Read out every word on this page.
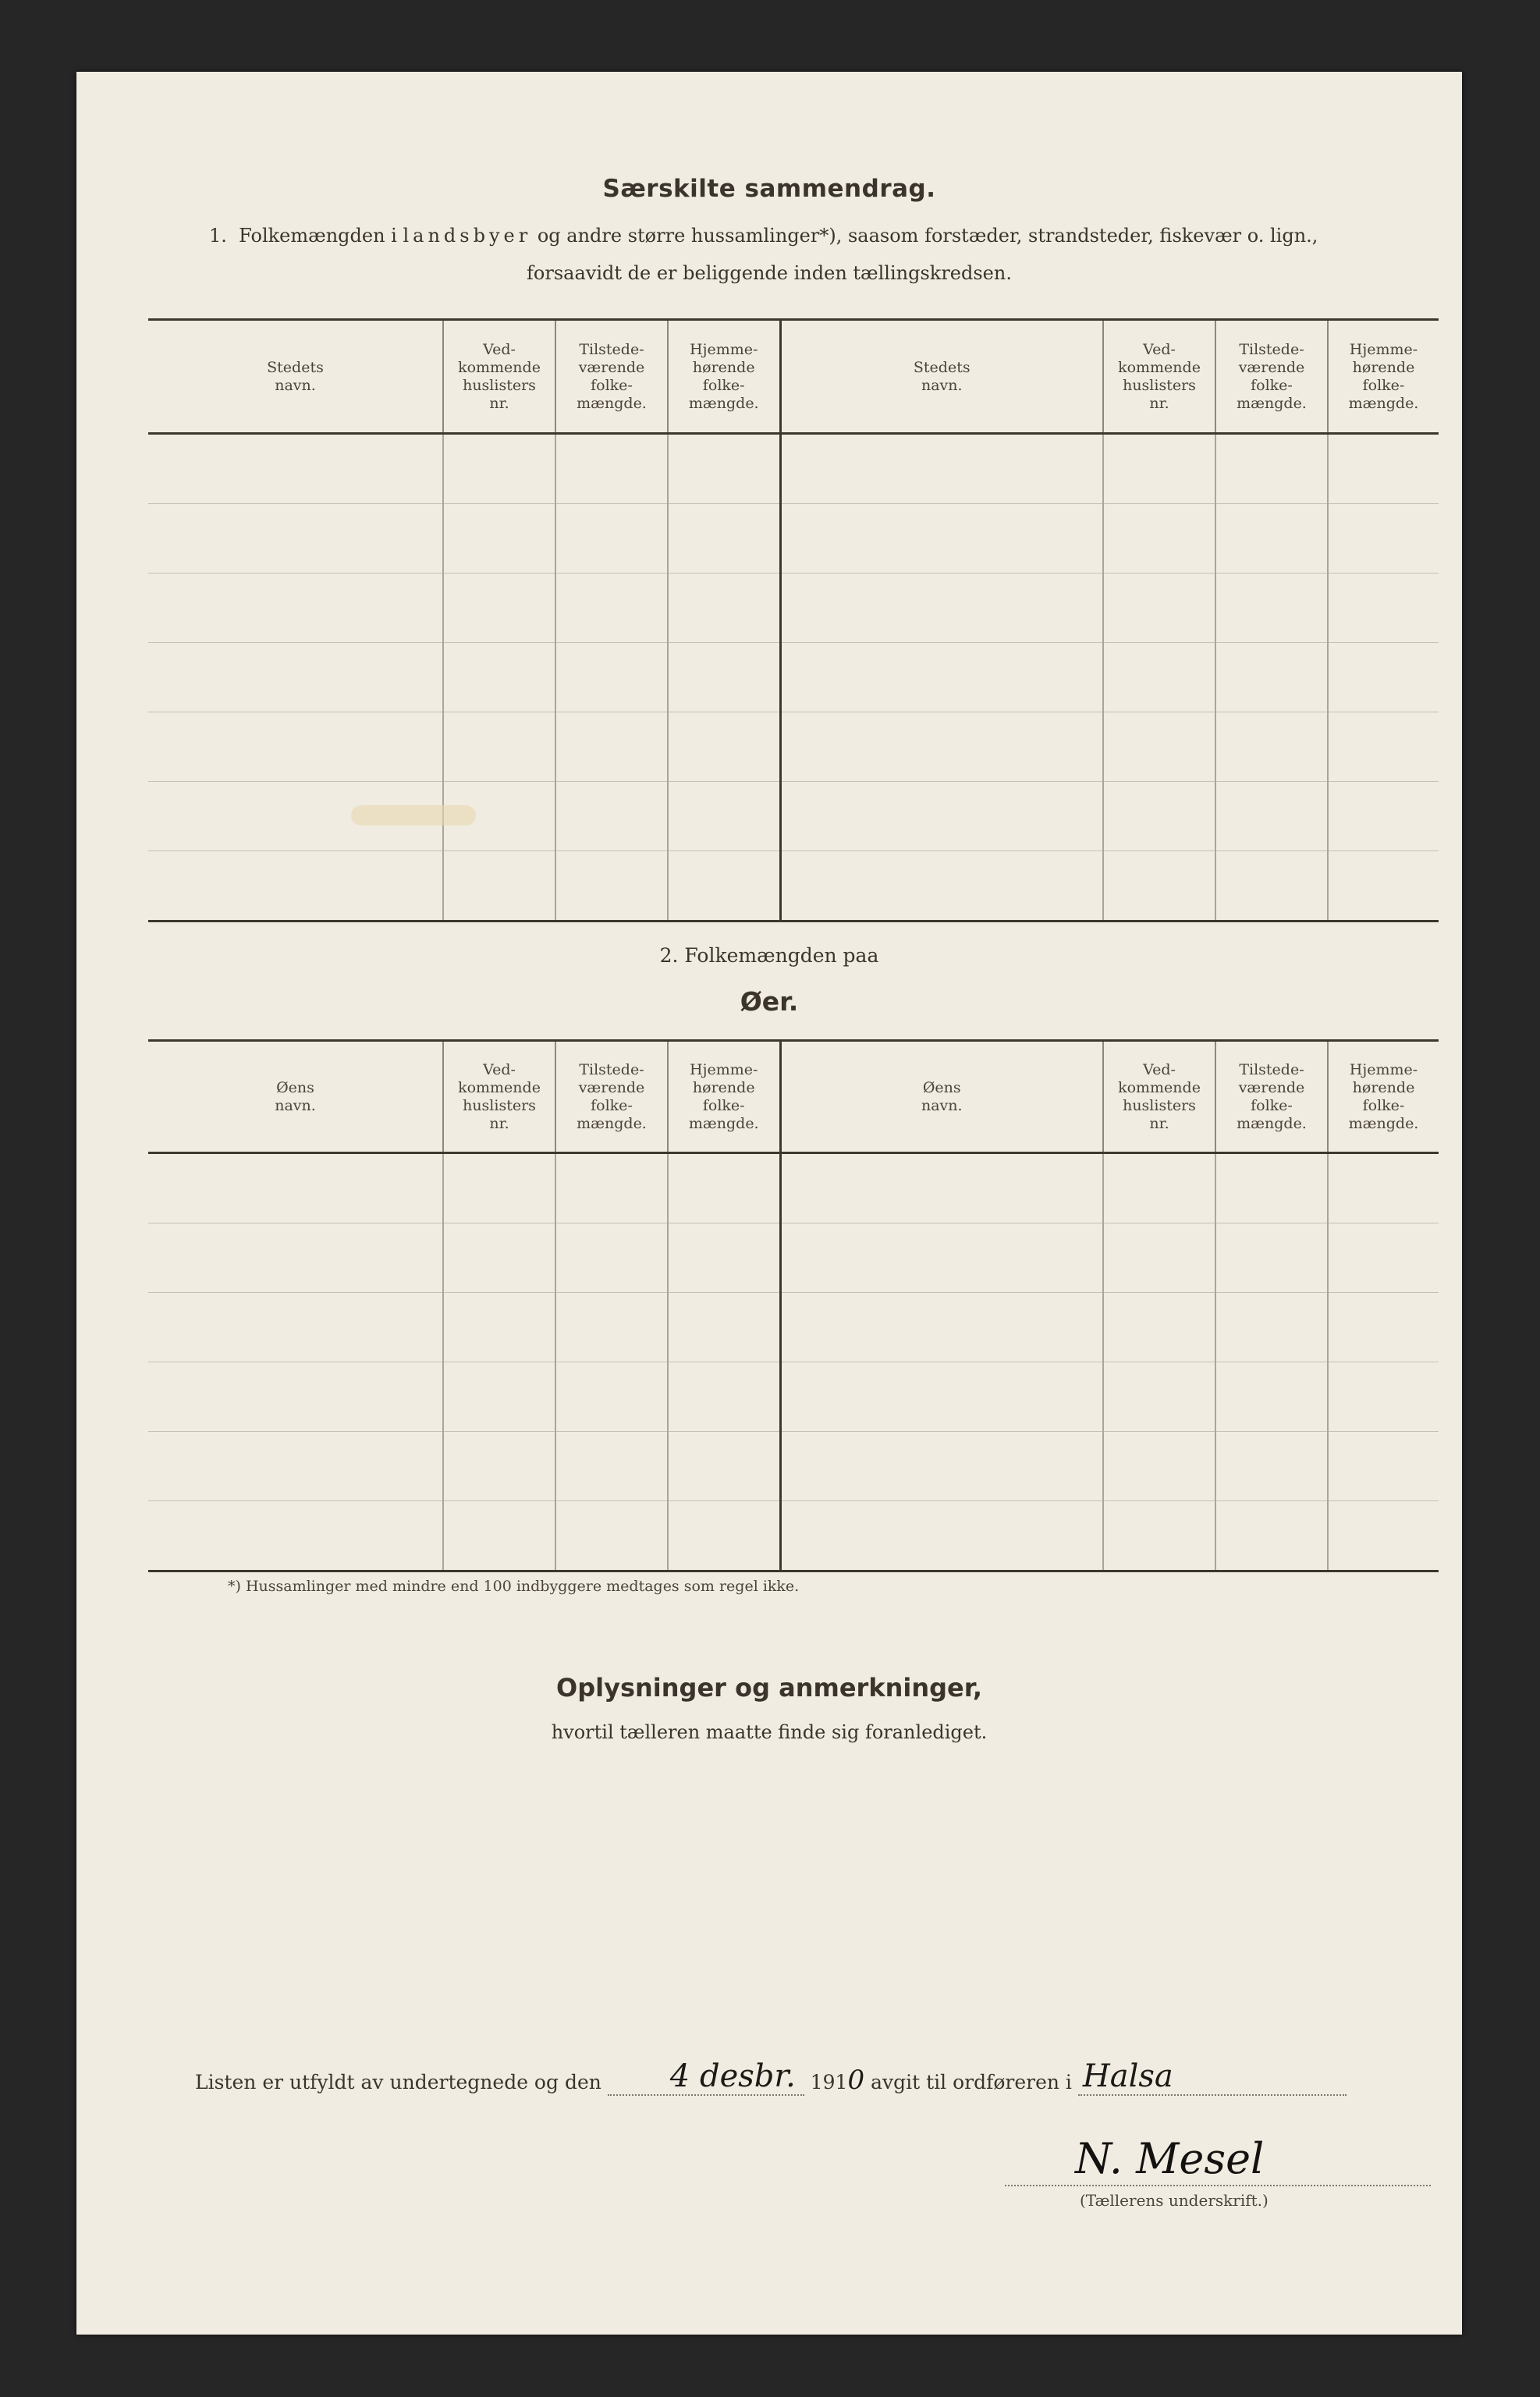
Særskilte sammendrag.
1. Folkemængden i landsbyer og andre større hussamlinger*), saasom forstæder, strandsteder, fiskevær o. lign.,
forsaavidt de er beliggende inden tællingskredsen.
Stedets
navn.	Ved-
kommende
huslisters
nr.	Tilstede-
værende
folke-
mængde.	Hjemme-
hørende
folke-
mængde.	Stedets
navn.	Ved-
kommende
huslisters
nr.	Tilstede-
værende
folke-
mængde.	Hjemme-
hørende
folke-
mængde.

2. Folkemængden paa
Øer.
Øens
navn.	Ved-
kommende
huslisters
nr.	Tilstede-
værende
folke-
mængde.	Hjemme-
hørende
folke-
mængde.	Øens
navn.	Ved-
kommende
huslisters
nr.	Tilstede-
værende
folke-
mængde.	Hjemme-
hørende
folke-
mængde.

*) Hussamlinger med mindre end 100 indbyggere medtages som regel ikke.
Oplysninger og anmerkninger,
hvortil tælleren maatte finde sig foranlediget.
Listen er utfyldt av undertegnede og den 4 desbr. 1910 avgit til ordføreren i Halsa
N. Mesel
(Tællerens underskrift.)
